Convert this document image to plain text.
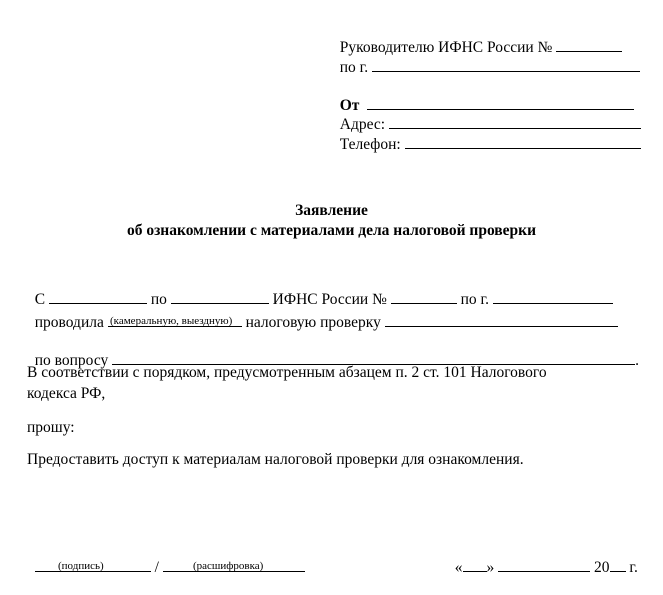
Руководителю ИФНС России №

по г.

От

Адрес:

Телефон:

Заявление
об ознакомлении с материалами дела налоговой проверки

С	по	ИФНС России №	по г.

проводила	налоговую проверку

(камеральную, выездную)

по вопросу	.

В соответствии с порядком, предусмотренным абзацем п. 2 ст. 101 Налогового
кодекса РФ,
прошу:
Предоставить доступ к материалам налоговой проверки для ознакомления.

/

(подпись)	(расшифровка)	« »	20 г.
